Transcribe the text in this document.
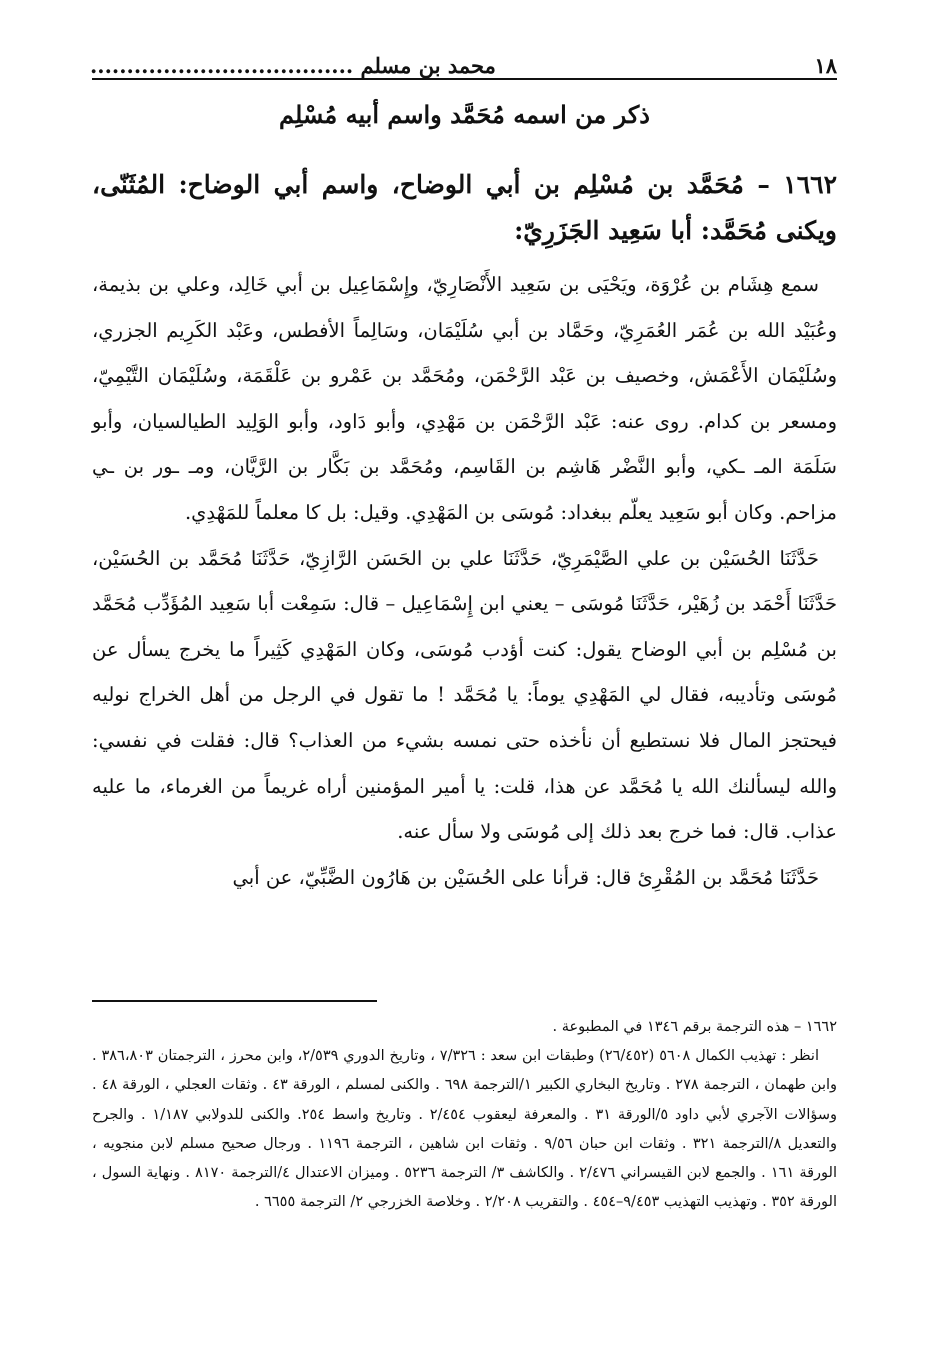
١٨
محمد بن مسلم ....................................
ذكر من اسمه مُحَمَّد واسم أبيه مُسْلِم
١٦٦٢ – مُحَمَّد بن مُسْلِم بن أبي الوضاح، واسم أبي الوضاح: المُثَنّى، ويكنى مُحَمَّد: أبا سَعِيد الجَزَرِيّ:

سمع هِشَام بن عُرْوَة، ويَحْيَى بن سَعِيد الأَنْصَارِيّ، وإِسْمَاعِيل بن أبي خَالِد، وعلي بن بذيمة، وعُبَيْد الله بن عُمَر العُمَرِيّ، وحَمَّاد بن أبي سُلَيْمَان، وسَالِماً الأفطس، وعَبْد الكَرِيم الجزري، وسُلَيْمَان الأَعْمَش، وخصيف بن عَبْد الرَّحْمَن، ومُحَمَّد بن عَمْرو بن عَلْقَمَة، وسُلَيْمَان التَّيْمِيّ، ومسعر بن كدام. روى عنه: عَبْد الرَّحْمَن بن مَهْدِي، وأبو دَاود، وأبو الوَلِيد الطيالسيان، وأبو سَلَمَة المـ ـكي، وأبو النَّضْر هَاشِم بن القَاسِم، ومُحَمَّد بن بَكَّار بن الرَّيَّان، ومـ ـور بن ـي مزاحم. وكان أبو سَعِيد يعلّم ببغداد: مُوسَى بن المَهْدِي. وقيل: بل كا معلماً للمَهْدِي.

حَدَّثَنَا الحُسَيْن بن علي الصَّيْمَرِيّ، حَدَّثَنَا علي بن الحَسَن الرَّازِيّ، حَدَّثَنَا مُحَمَّد بن الحُسَيْن، حَدَّثَنَا أَحْمَد بن زُهَيْر، حَدَّثَنَا مُوسَى – يعني ابن إِسْمَاعِيل – قال: سَمِعْت أبا سَعِيد المُؤَدِّب مُحَمَّد بن مُسْلِم بن أبي الوضاح يقول: كنت أؤدب مُوسَى، وكان المَهْدِي كَثِيراً ما يخرج يسأل عن مُوسَى وتأديبه، فقال لي المَهْدِي يوماً: يا مُحَمَّد ! ما تقول في الرجل من أهل الخراج نوليه فيحتجز المال فلا نستطيع أن نأخذه حتى نمسه بشيء من العذاب؟ قال: فقلت في نفسي: والله ليسألنك الله يا مُحَمَّد عن هذا، قلت: يا أمير المؤمنين أراه غريماً من الغرماء، ما عليه عذاب. قال: فما خرج بعد ذلك إلى مُوسَى ولا سأل عنه.

حَدَّثَنَا مُحَمَّد بن المُقْرِئ قال: قرأنا على الحُسَيْن بن هَارُون الضَّبِّيّ، عن أبي

١٦٦٢ – هذه الترجمة برقم ١٣٤٦ في المطبوعة .

انظر : تهذيب الكمال ٥٦٠٨ (٢٦/٤٥٢) وطبقات ابن سعد : ٧/٣٢٦ ، وتاريخ الدوري ٢/٥٣٩، وابن محرز ، الترجمتان ٣٨٦،٨٠٣ . وابن طهمان ، الترجمة ٢٧٨ . وتاريخ البخاري الكبير ١/الترجمة ٦٩٨ . والكنى لمسلم ، الورقة ٤٣ . وثقات العجلي ، الورقة ٤٨ . وسؤالات الآجري لأبي داود ٥/الورقة ٣١ . والمعرفة ليعقوب ٢/٤٥٤ . وتاريخ واسط ٢٥٤. والكنى للدولابي ١/١٨٧ . والجرح والتعديل ٨/الترجمة ٣٢١ . وثقات ابن حبان ٩/٥٦ . وثقات ابن شاهين ، الترجمة ١١٩٦ . ورجال صحيح مسلم لابن منجويه ، الورقة ١٦١ . والجمع لابن القيسراني ٢/٤٧٦ . والكاشف ٣/ الترجمة ٥٢٣٦ . وميزان الاعتدال ٤/الترجمة ٨١٧٠ . ونهاية السول ، الورقة ٣٥٢ . وتهذيب التهذيب ٩/٤٥٣–٤٥٤ . والتقريب ٢/٢٠٨ . وخلاصة الخزرجي ٢/ الترجمة ٦٦٥٥ .
